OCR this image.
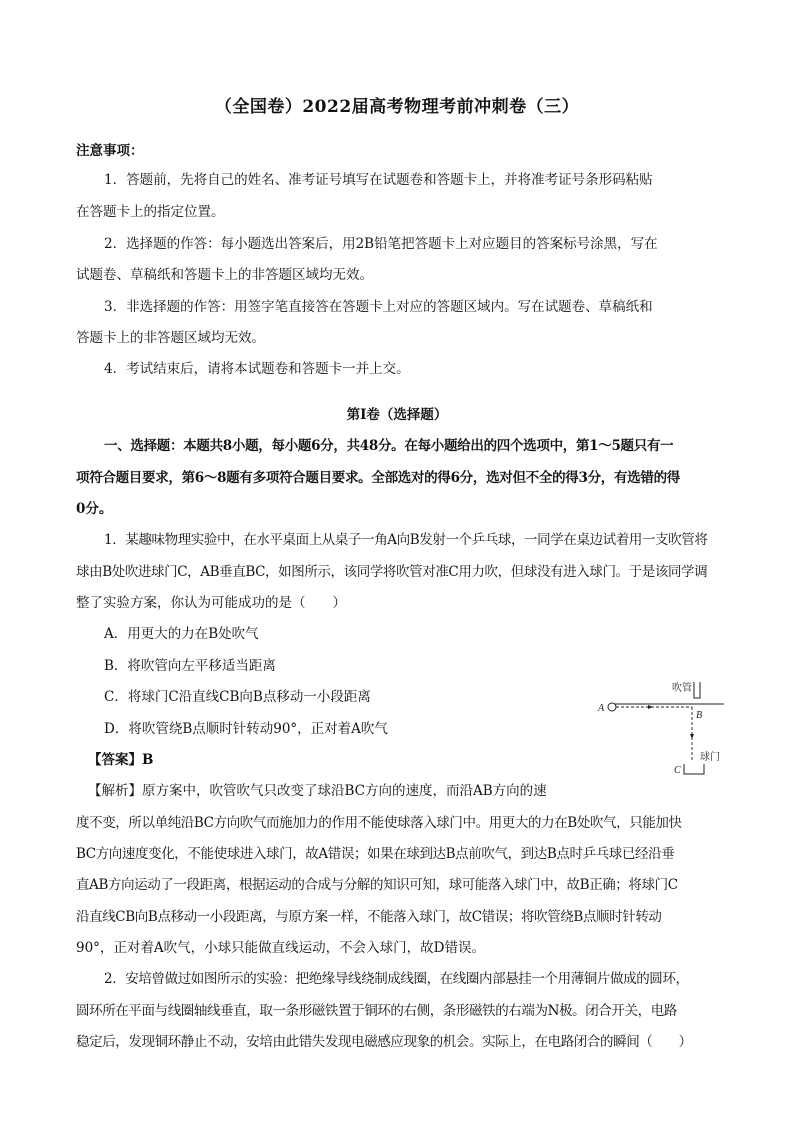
（全国卷）2022届高考物理考前冲刺卷（三）
注意事项：
1．答题前，先将自己的姓名、准考证号填写在试题卷和答题卡上，并将准考证号条形码粘贴
在答题卡上的指定位置。
2．选择题的作答：每小题选出答案后，用2B铅笔把答题卡上对应题目的答案标号涂黑，写在
试题卷、草稿纸和答题卡上的非答题区域均无效。
3．非选择题的作答：用签字笔直接答在答题卡上对应的答题区域内。写在试题卷、草稿纸和
答题卡上的非答题区域均无效。
4．考试结束后，请将本试题卷和答题卡一并上交。
第Ⅰ卷（选择题）
一、选择题：本题共8小题，每小题6分，共48分。在每小题给出的四个选项中，第1～5题只有一
项符合题目要求，第6～8题有多项符合题目要求。全部选对的得6分，选对但不全的得3分，有选错的得
0分。
1．某趣味物理实验中，在水平桌面上从桌子一角A向B发射一个乒乓球，一同学在桌边试着用一支吹管将
球由B处吹进球门C，AB垂直BC，如图所示，该同学将吹管对准C用力吹，但球没有进入球门。于是该同学调
整了实验方案，你认为可能成功的是（　　）
A．用更大的力在B处吹气
B．将吹管向左平移适当距离
C．将球门C沿直线CB向B点移动一小段距离
D．将吹管绕B点顺时针转动90°，正对着A吹气
【答案】B
【解析】原方案中，吹管吹气只改变了球沿BC方向的速度，而沿AB方向的速
度不变，所以单纯沿BC方向吹气而施加力的作用不能使球落入球门中。用更大的力在B处吹气，只能加快
BC方向速度变化，不能使球进入球门，故A错误；如果在球到达B点前吹气，到达B点时乒乓球已经沿垂
直AB方向运动了一段距离，根据运动的合成与分解的知识可知，球可能落入球门中，故B正确；将球门C
沿直线CB向B点移动一小段距离，与原方案一样，不能落入球门，故C错误；将吹管绕B点顺时针转动
90°，正对着A吹气，小球只能做直线运动，不会入球门，故D错误。
2．安培曾做过如图所示的实验：把绝缘导线绕制成线圈，在线圈内部悬挂一个用薄铜片做成的圆环，
圆环所在平面与线圈轴线垂直，取一条形磁铁置于铜环的右侧，条形磁铁的右端为N极。闭合开关，电路
稳定后，发现铜环静止不动，安培由此错失发现电磁感应现象的机会。实际上，在电路闭合的瞬间（　　）
吹管
A
B
球门
C
